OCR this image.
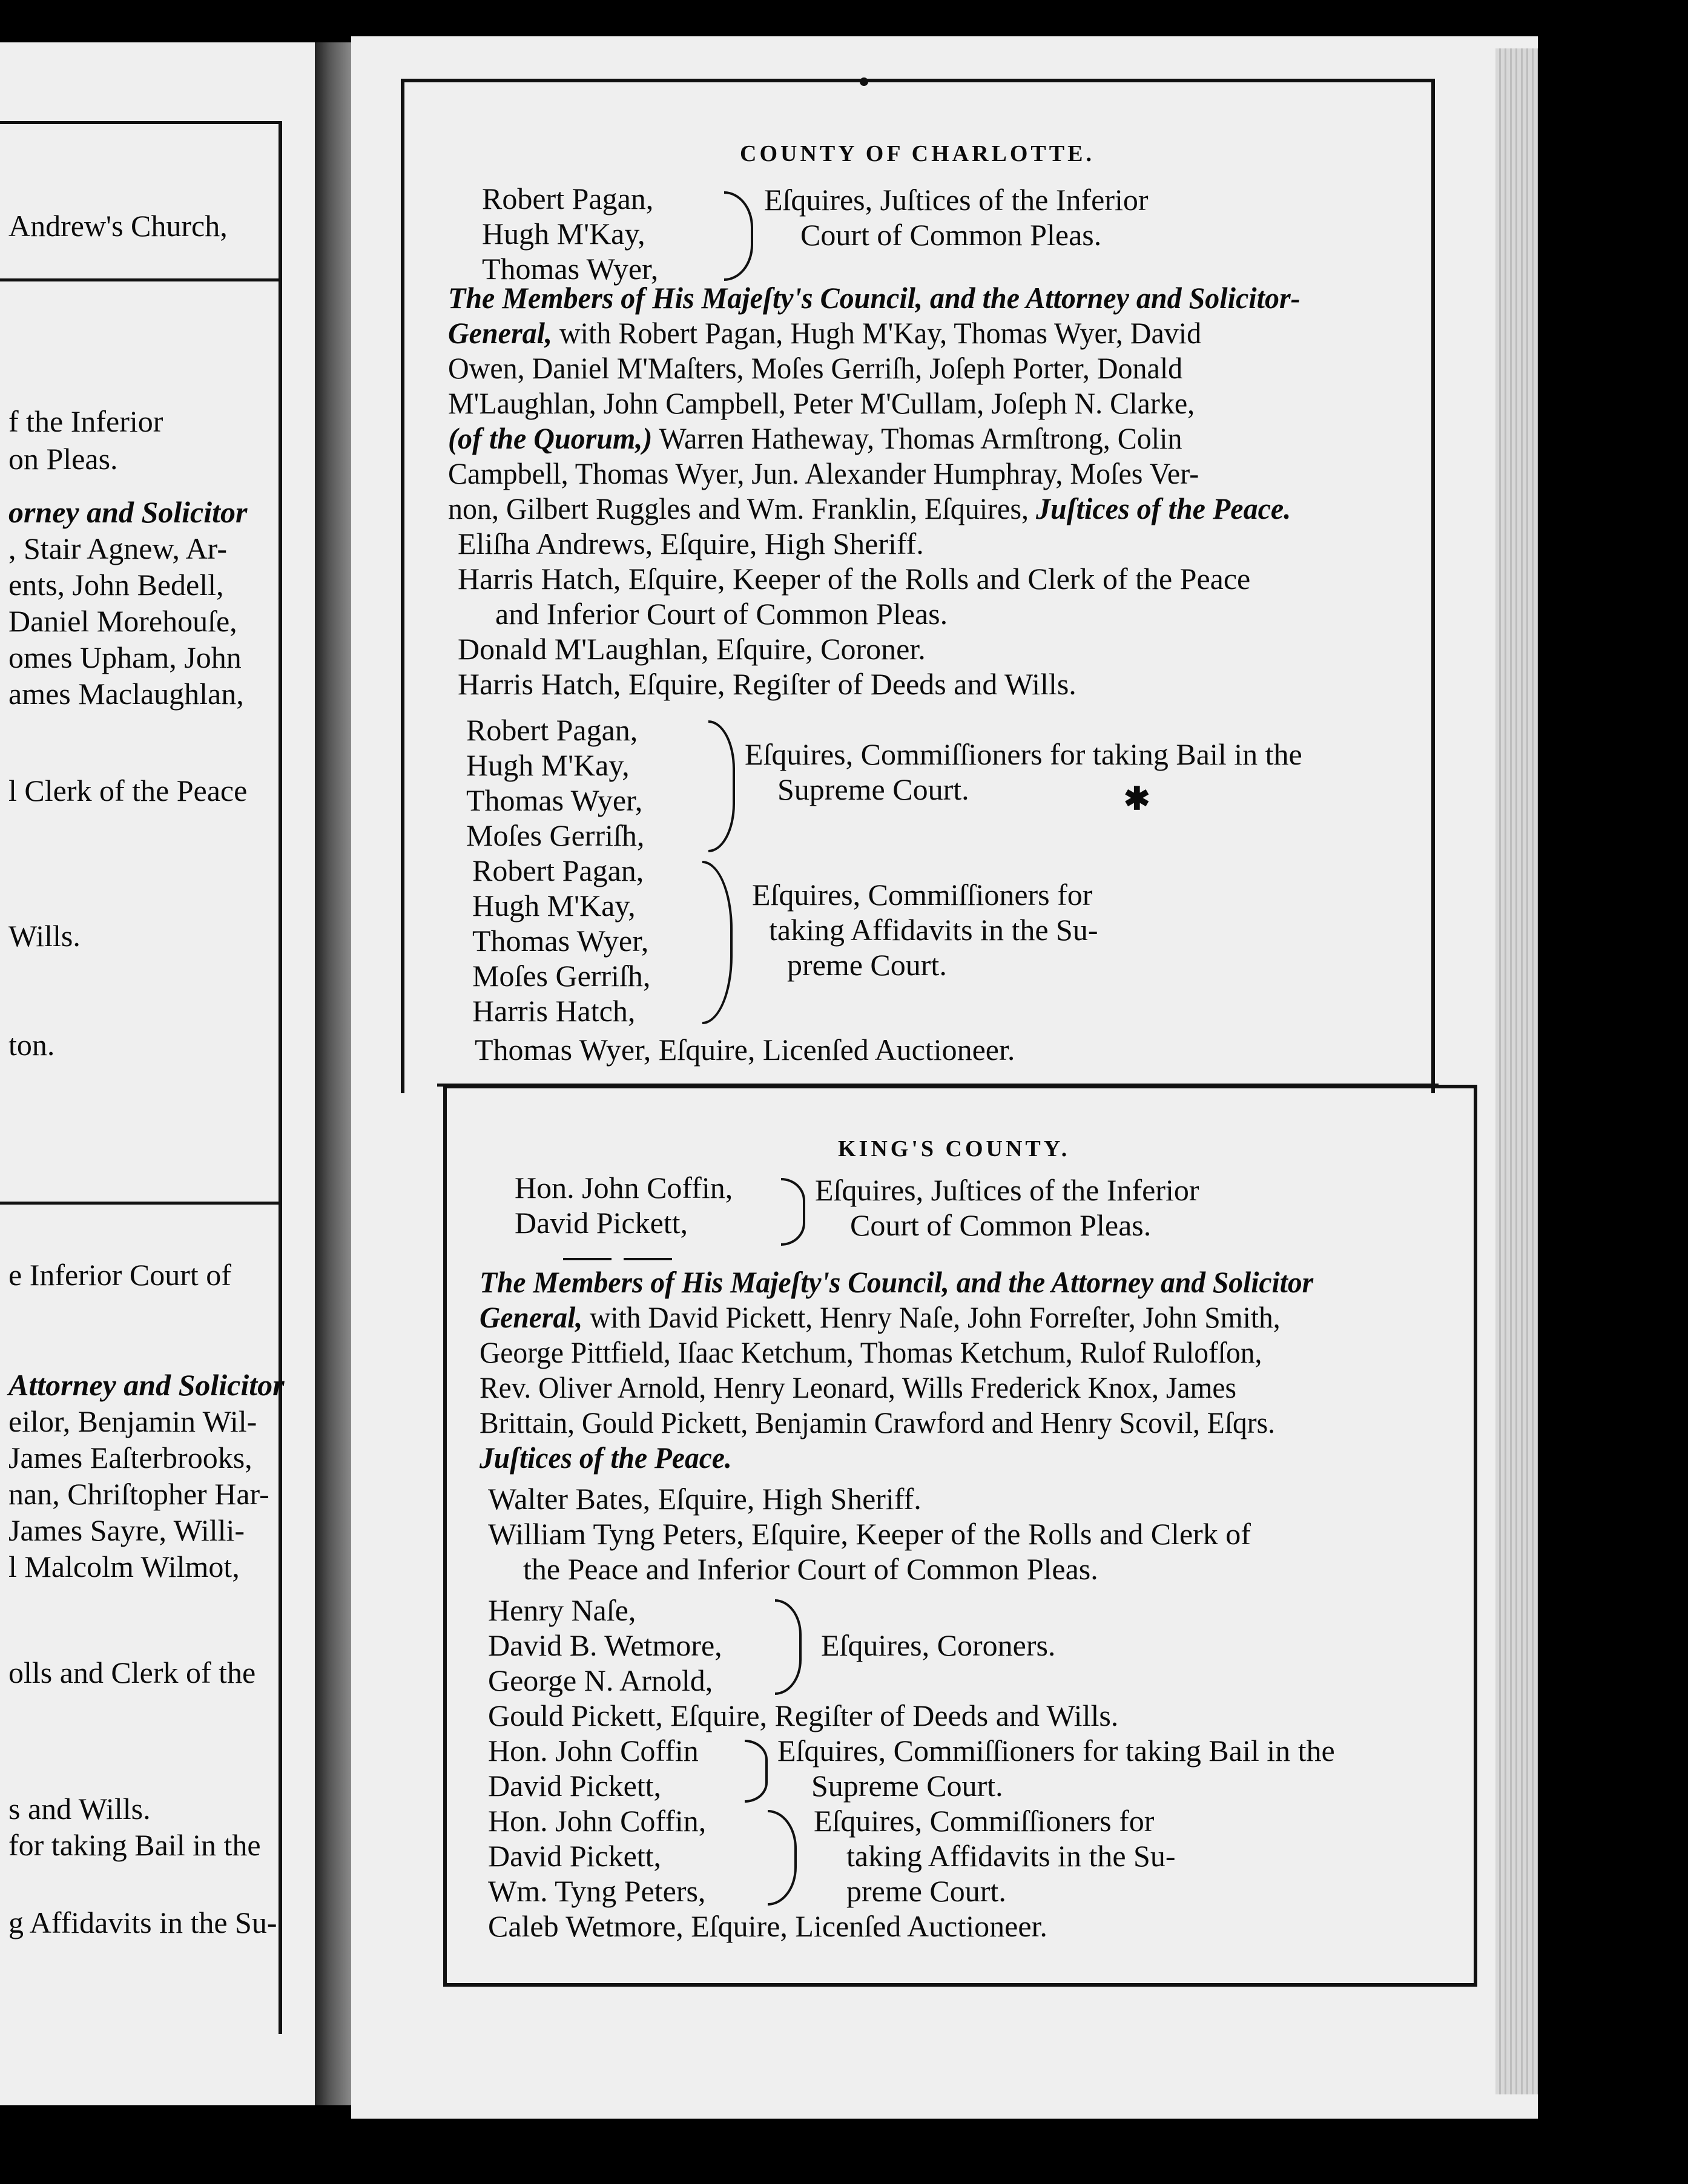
Andrew's Church,
f the Inferior
on Pleas.
orney and Solicitor
, Stair Agnew, Ar-
ents, John Bedell,
Daniel Morehouſe,
omes Upham, John
ames Maclaughlan,
l Clerk of the Peace
Wills.
ton.
e Inferior Court of
Attorney and Solicitor
eilor, Benjamin Wil-
James Eaſterbrooks,
nan, Chriſtopher Har-
James Sayre, Willi-
l Malcolm Wilmot,
olls and Clerk of the
s and Wills.
for taking Bail in the
g Affidavits in the Su-
COUNTY OF CHARLOTTE.
Robert Pagan,
Hugh M'Kay,
Thomas Wyer,
Eſquires, Juſtices of the Inferior
Court of Common Pleas.
The Members of His Majeſty's Council, and the Attorney and Solicitor-
General, with Robert Pagan, Hugh M'Kay, Thomas Wyer, David
Owen, Daniel M'Maſters, Moſes Gerriſh, Joſeph Porter, Donald
M'Laughlan, John Campbell, Peter M'Cullam, Joſeph N. Clarke,
(of the Quorum,) Warren Hatheway, Thomas Armſtrong, Colin
Campbell, Thomas Wyer, Jun. Alexander Humphray, Moſes Ver-
non, Gilbert Ruggles and Wm. Franklin, Eſquires, Juſtices of the Peace.
Eliſha Andrews, Eſquire, High Sheriff.
Harris Hatch, Eſquire, Keeper of the Rolls and Clerk of the Peace
and Inferior Court of Common Pleas.
Donald M'Laughlan, Eſquire, Coroner.
Harris Hatch, Eſquire, Regiſter of Deeds and Wills.
Robert Pagan,
Hugh M'Kay,
Thomas Wyer,
Moſes Gerriſh,
Eſquires, Commiſſioners for taking Bail in the
Supreme Court.	✱
Robert Pagan,
Hugh M'Kay,
Thomas Wyer,
Moſes Gerriſh,
Harris Hatch,
Eſquires, Commiſſioners for
taking Affidavits in the Su-
preme Court.
Thomas Wyer, Eſquire, Licenſed Auctioneer.
KING'S COUNTY.
Hon. John Coffin,
David Pickett,
Eſquires, Juſtices of the Inferior
Court of Common Pleas.
The Members of His Majeſty's Council, and the Attorney and Solicitor
General, with David Pickett, Henry Naſe, John Forreſter, John Smith,
George Pittfield, Iſaac Ketchum, Thomas Ketchum, Rulof Rulofſon,
Rev. Oliver Arnold, Henry Leonard, Wills Frederick Knox, James
Brittain, Gould Pickett, Benjamin Crawford and Henry Scovil, Eſqrs.
Juſtices of the Peace.
Walter Bates, Eſquire, High Sheriff.
William Tyng Peters, Eſquire, Keeper of the Rolls and Clerk of
the Peace and Inferior Court of Common Pleas.
Henry Naſe,
David B. Wetmore,
George N. Arnold,
Eſquires, Coroners.
Gould Pickett, Eſquire, Regiſter of Deeds and Wills.
Hon. John Coffin
David Pickett,
Eſquires, Commiſſioners for taking Bail in the
Supreme Court.
Hon. John Coffin,
David Pickett,
Wm. Tyng Peters,
Eſquires, Commiſſioners for
taking Affidavits in the Su-
preme Court.
Caleb Wetmore, Eſquire, Licenſed Auctioneer.
